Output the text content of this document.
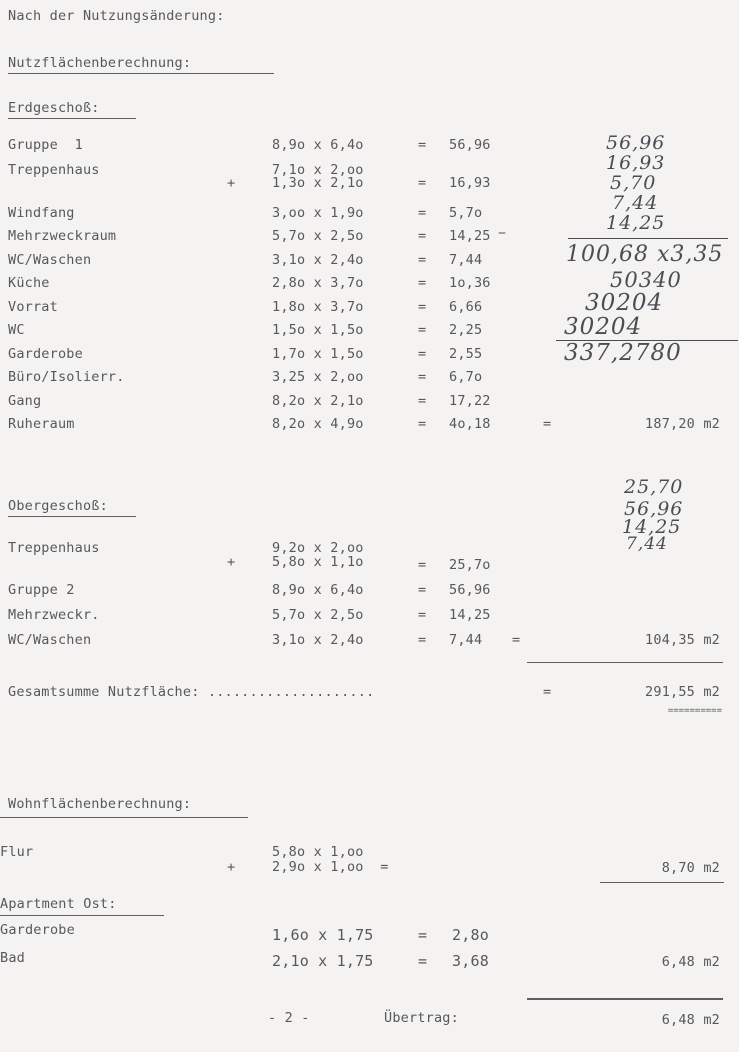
Nach der Nutzungsänderung:
Nutzflächenberechnung:
Erdgeschoß:
Gruppe  1	8,9o x 6,4o	= 56,96
Treppenhaus	7,1o x 2,oo
+	1,3o x 2,1o	= 16,93
Windfang	3,oo x 1,9o	= 5,7o
Mehrzweckraum	5,7o x 2,5o	= 14,25 –
WC/Waschen	3,1o x 2,4o	= 7,44
Küche	2,8o x 3,7o	= 1o,36
Vorrat	1,8o x 3,7o	= 6,66
WC	1,5o x 1,5o	= 2,25
Garderobe	1,7o x 1,5o	= 2,55
Büro/Isolierr.	3,25 x 2,oo	= 6,7o
Gang	8,2o x 2,1o	= 17,22
Ruheraum	8,2o x 4,9o	= 4o,18	=	187,20 m2
56,96
16,93
5,70
7,44
14,25
100,68 x3,35
50340
30204
30204
337,2780
Obergeschoß:
25,70
56,96
14,25
7,44
Treppenhaus	9,2o x 2,oo
+	5,8o x 1,1o	= 25,7o
Gruppe 2	8,9o x 6,4o	= 56,96
Mehrzweckr.	5,7o x 2,5o	= 14,25
WC/Waschen	3,1o x 2,4o	= 7,44 =	104,35 m2
Gesamtsumme Nutzfläche: ....................	=	291,55 m2
==========
Wohnflächenberechnung:
Flur	5,8o x 1,oo
+	2,9o x 1,oo  =	8,70 m2
Apartment Ost:
Garderobe	1,6o x 1,75	= 2,8o
Bad	2,1o x 1,75	= 3,68	6,48 m2
- 2 -	Übertrag:	6,48 m2
